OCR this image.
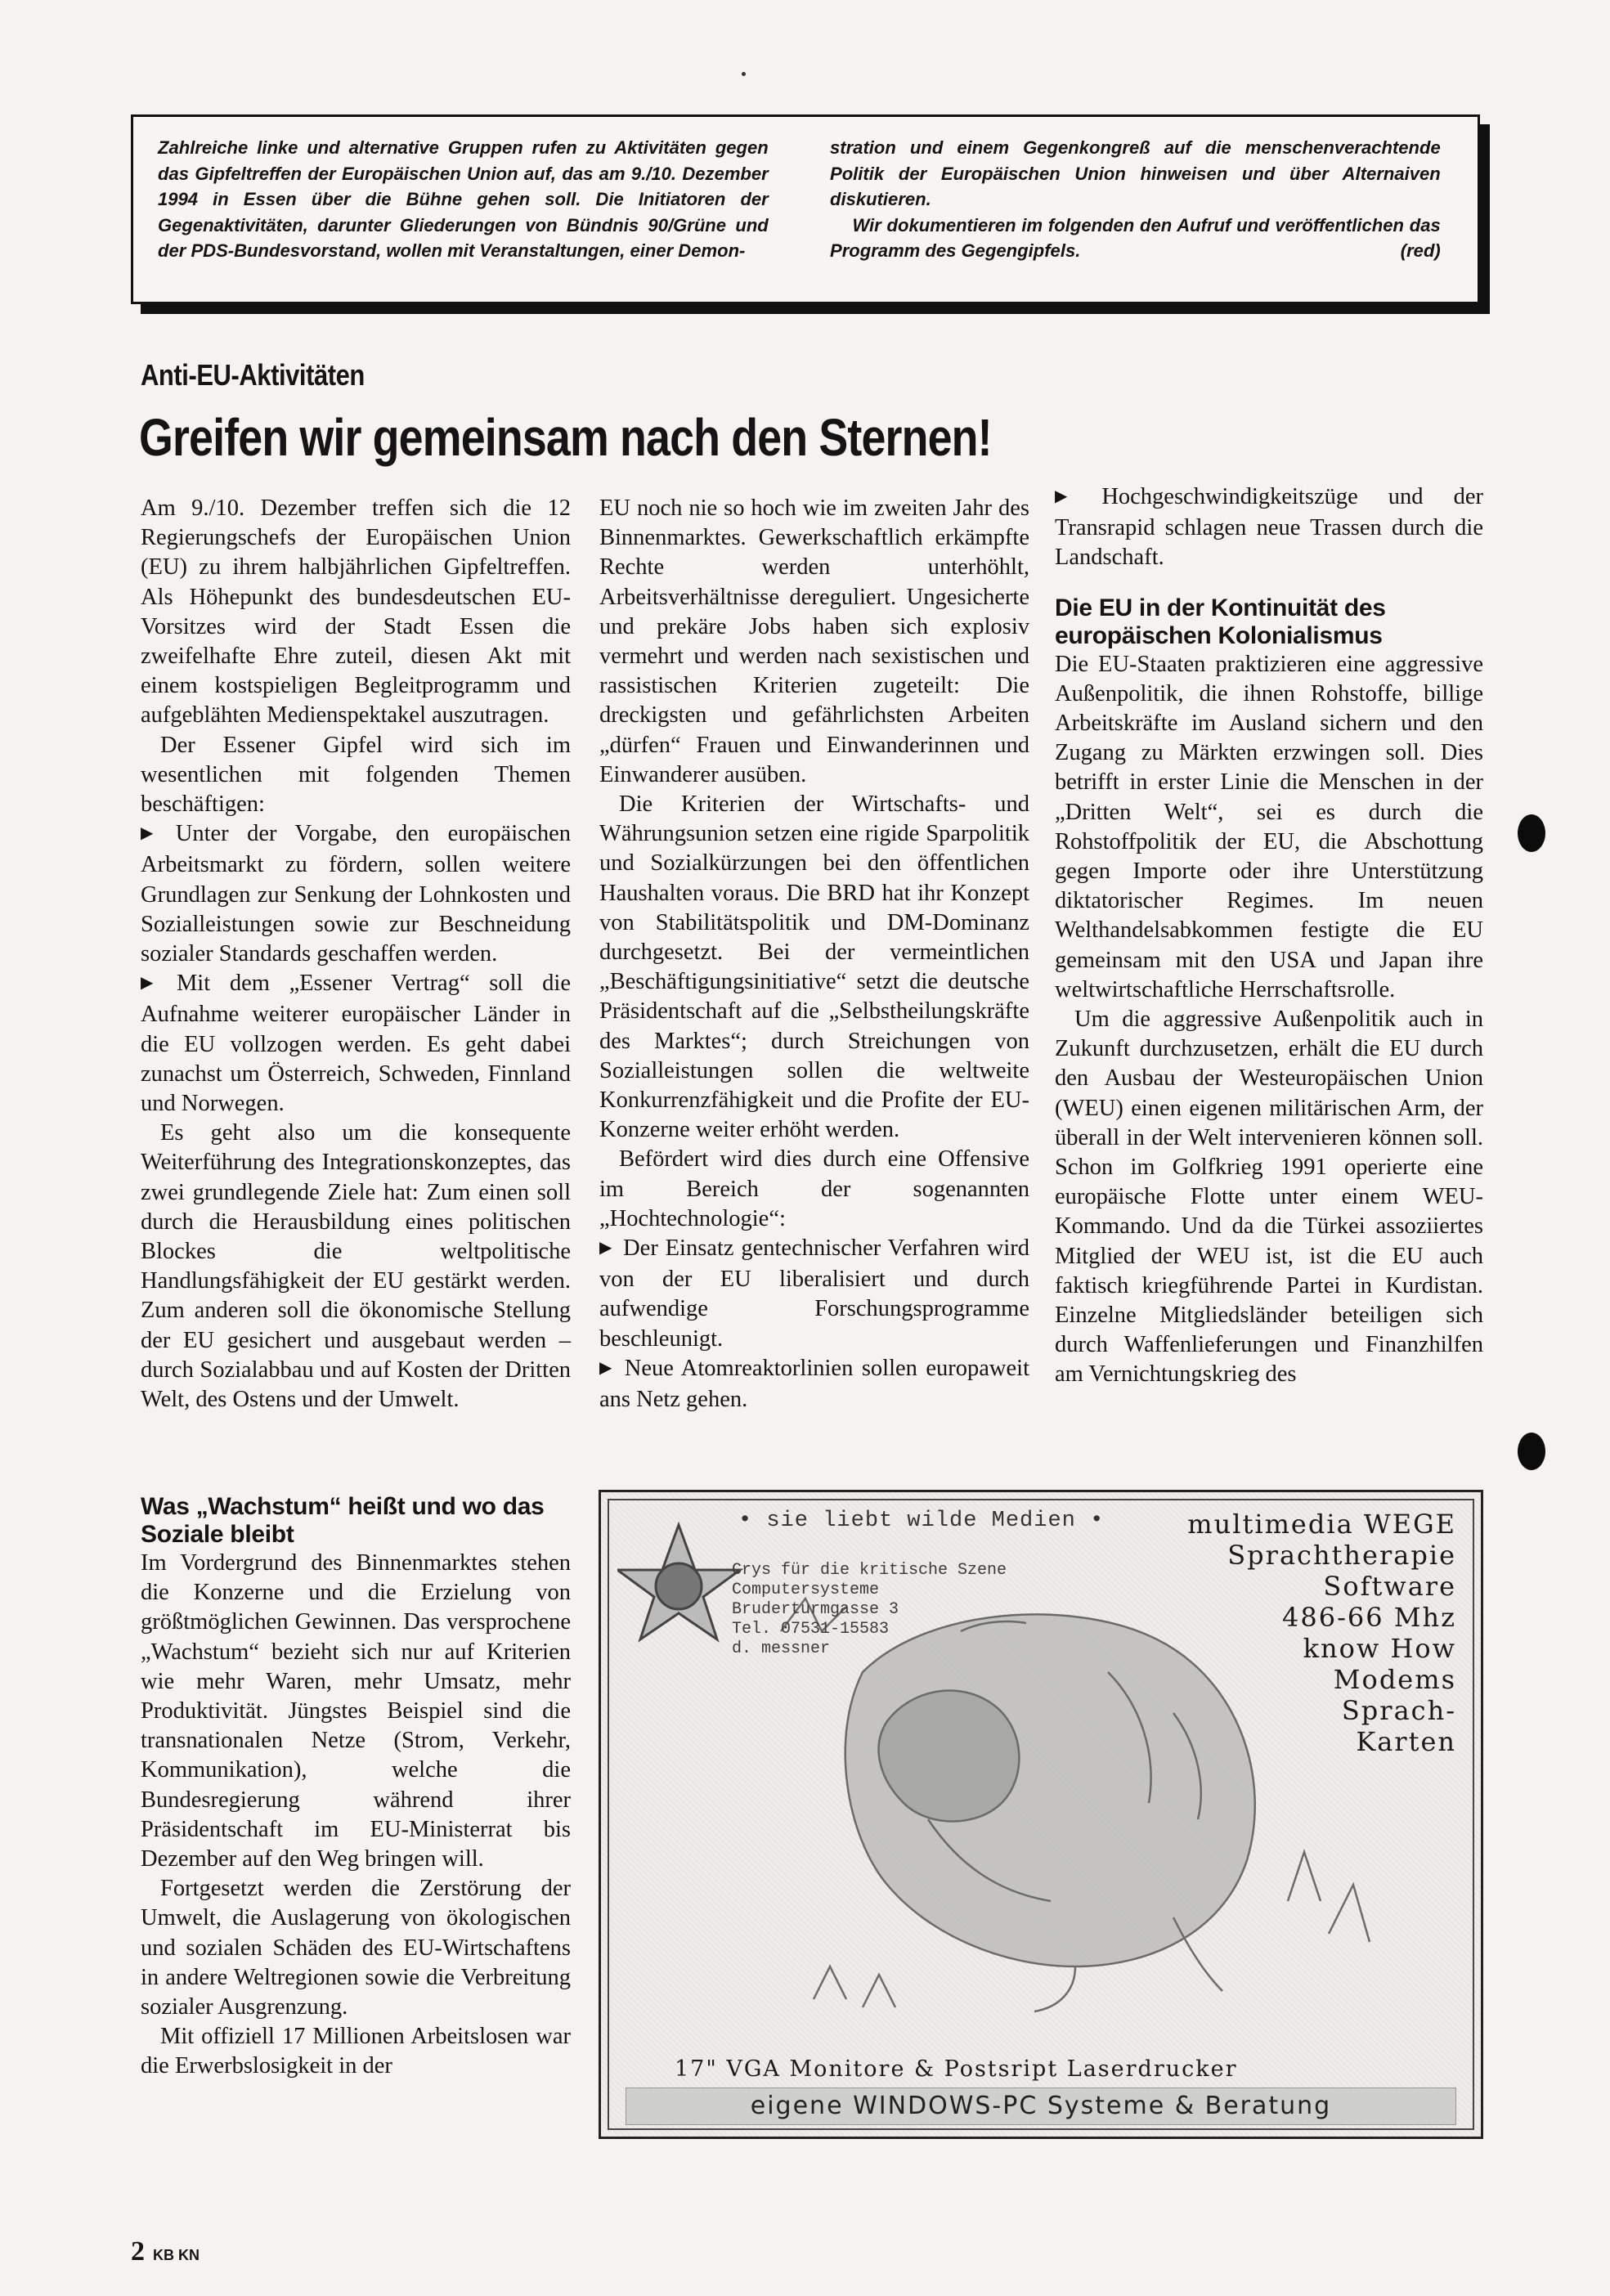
Zahlreiche linke und alternative Gruppen rufen zu Aktivitäten gegen das Gipfeltreffen der Europäischen Union auf, das am 9./10. Dezember 1994 in Essen über die Bühne gehen soll. Die Initiatoren der Gegenaktivitäten, darunter Gliederungen von Bündnis 90/Grüne und der PDS-Bundesvorstand, wollen mit Veranstaltungen, einer Demon-

stration und einem Gegenkongreß auf die menschenverachtende Politik der Europäischen Union hinweisen und über Alternaiven diskutieren.

Wir dokumentieren im folgenden den Aufruf und veröffentlichen das Programm des Gegengipfels.	(red)

Anti-EU-Aktivitäten
Greifen wir gemeinsam nach den Sternen!

Am 9./10. Dezember treffen sich die 12 Regierungschefs der Europäischen Union (EU) zu ihrem halbjährlichen Gipfeltreffen. Als Höhepunkt des bundesdeutschen EU-Vorsitzes wird der Stadt Essen die zweifelhafte Ehre zuteil, diesen Akt mit einem kostspieligen Begleitprogramm und aufgeblähten Medienspektakel auszutragen.

Der Essener Gipfel wird sich im wesentlichen mit folgenden Themen beschäftigen:

▶ Unter der Vorgabe, den europäischen Arbeitsmarkt zu fördern, sollen weitere Grundlagen zur Senkung der Lohnkosten und Sozialleistungen sowie zur Beschneidung sozialer Standards geschaffen werden.

▶ Mit dem „Essener Vertrag“ soll die Aufnahme weiterer europäischer Länder in die EU vollzogen werden. Es geht dabei zunachst um Österreich, Schweden, Finnland und Norwegen.

Es geht also um die konsequente Weiterführung des Integrationskonzeptes, das zwei grundlegende Ziele hat: Zum einen soll durch die Herausbildung eines politischen Blockes die weltpolitische Handlungsfähigkeit der EU gestärkt werden. Zum anderen soll die ökonomische Stellung der EU gesichert und ausgebaut werden – durch Sozialabbau und auf Kosten der Dritten Welt, des Ostens und der Umwelt.

Was „Wachstum“ heißt und wo das Soziale bleibt

Im Vordergrund des Binnenmarktes stehen die Konzerne und die Erzielung von größtmöglichen Gewinnen. Das versprochene „Wachstum“ bezieht sich nur auf Kriterien wie mehr Waren, mehr Umsatz, mehr Produktivität. Jüngstes Beispiel sind die transnationalen Netze (Strom, Verkehr, Kommunikation), welche die Bundesregierung während ihrer Präsidentschaft im EU-Ministerrat bis Dezember auf den Weg bringen will.

Fortgesetzt werden die Zerstörung der Umwelt, die Auslagerung von ökologischen und sozialen Schäden des EU-Wirtschaftens in andere Weltregionen sowie die Verbreitung sozialer Ausgrenzung.

Mit offiziell 17 Millionen Arbeitslosen war die Erwerbslosigkeit in der

EU noch nie so hoch wie im zweiten Jahr des Binnenmarktes. Gewerkschaftlich erkämpfte Rechte werden unterhöhlt, Arbeitsverhältnisse dereguliert. Ungesicherte und prekäre Jobs haben sich explosiv vermehrt und werden nach sexistischen und rassistischen Kriterien zugeteilt: Die dreckigsten und gefährlichsten Arbeiten „dürfen“ Frauen und Einwanderinnen und Einwanderer ausüben.

Die Kriterien der Wirtschafts- und Währungsunion setzen eine rigide Sparpolitik und Sozialkürzungen bei den öffentlichen Haushalten voraus. Die BRD hat ihr Konzept von Stabilitätspolitik und DM-Dominanz durchgesetzt. Bei der vermeintlichen „Beschäftigungsinitiative“ setzt die deutsche Präsidentschaft auf die „Selbstheilungskräfte des Marktes“; durch Streichungen von Sozialleistungen sollen die weltweite Konkurrenzfähigkeit und die Profite der EU-Konzerne weiter erhöht werden.

Befördert wird dies durch eine Offensive im Bereich der sogenannten „Hochtechnologie“:

▶ Der Einsatz gentechnischer Verfahren wird von der EU liberalisiert und durch aufwendige Forschungsprogramme beschleunigt.

▶ Neue Atomreaktorlinien sollen europaweit ans Netz gehen.

▶ Hochgeschwindigkeitszüge und der Transrapid schlagen neue Trassen durch die Landschaft.

Die EU in der Kontinuität des europäischen Kolonialismus

Die EU-Staaten praktizieren eine aggressive Außenpolitik, die ihnen Rohstoffe, billige Arbeitskräfte im Ausland sichern und den Zugang zu Märkten erzwingen soll. Dies betrifft in erster Linie die Menschen in der „Dritten Welt“, sei es durch die Rohstoffpolitik der EU, die Abschottung gegen Importe oder ihre Unterstützung diktatorischer Regimes. Im neuen Welthandelsabkommen festigte die EU gemeinsam mit den USA und Japan ihre weltwirtschaftliche Herrschaftsrolle.

Um die aggressive Außenpolitik auch in Zukunft durchzusetzen, erhält die EU durch den Ausbau der Westeuropäischen Union (WEU) einen eigenen militärischen Arm, der überall in der Welt intervenieren können soll. Schon im Golfkrieg 1991 operierte eine europäische Flotte unter einem WEU-Kommando. Und da die Türkei assoziiertes Mitglied der WEU ist, ist die EU auch faktisch kriegführende Partei in Kurdistan. Einzelne Mitgliedsländer beteiligen sich durch Waffenlieferungen und Finanzhilfen am Vernichtungskrieg des

• sie liebt wilde Medien •
Crys für die kritische Szene
Computersysteme
Bruderturmgasse 3
Tel. 07531-15583
d. messner
multimedia WEGE
Sprachtherapie
Software
486-66 Mhz
know How
Modems
Sprach-
Karten
17" VGA Monitore & Postsript Laserdrucker
eigene WINDOWS-PC Systeme & Beratung
2 KB KN
